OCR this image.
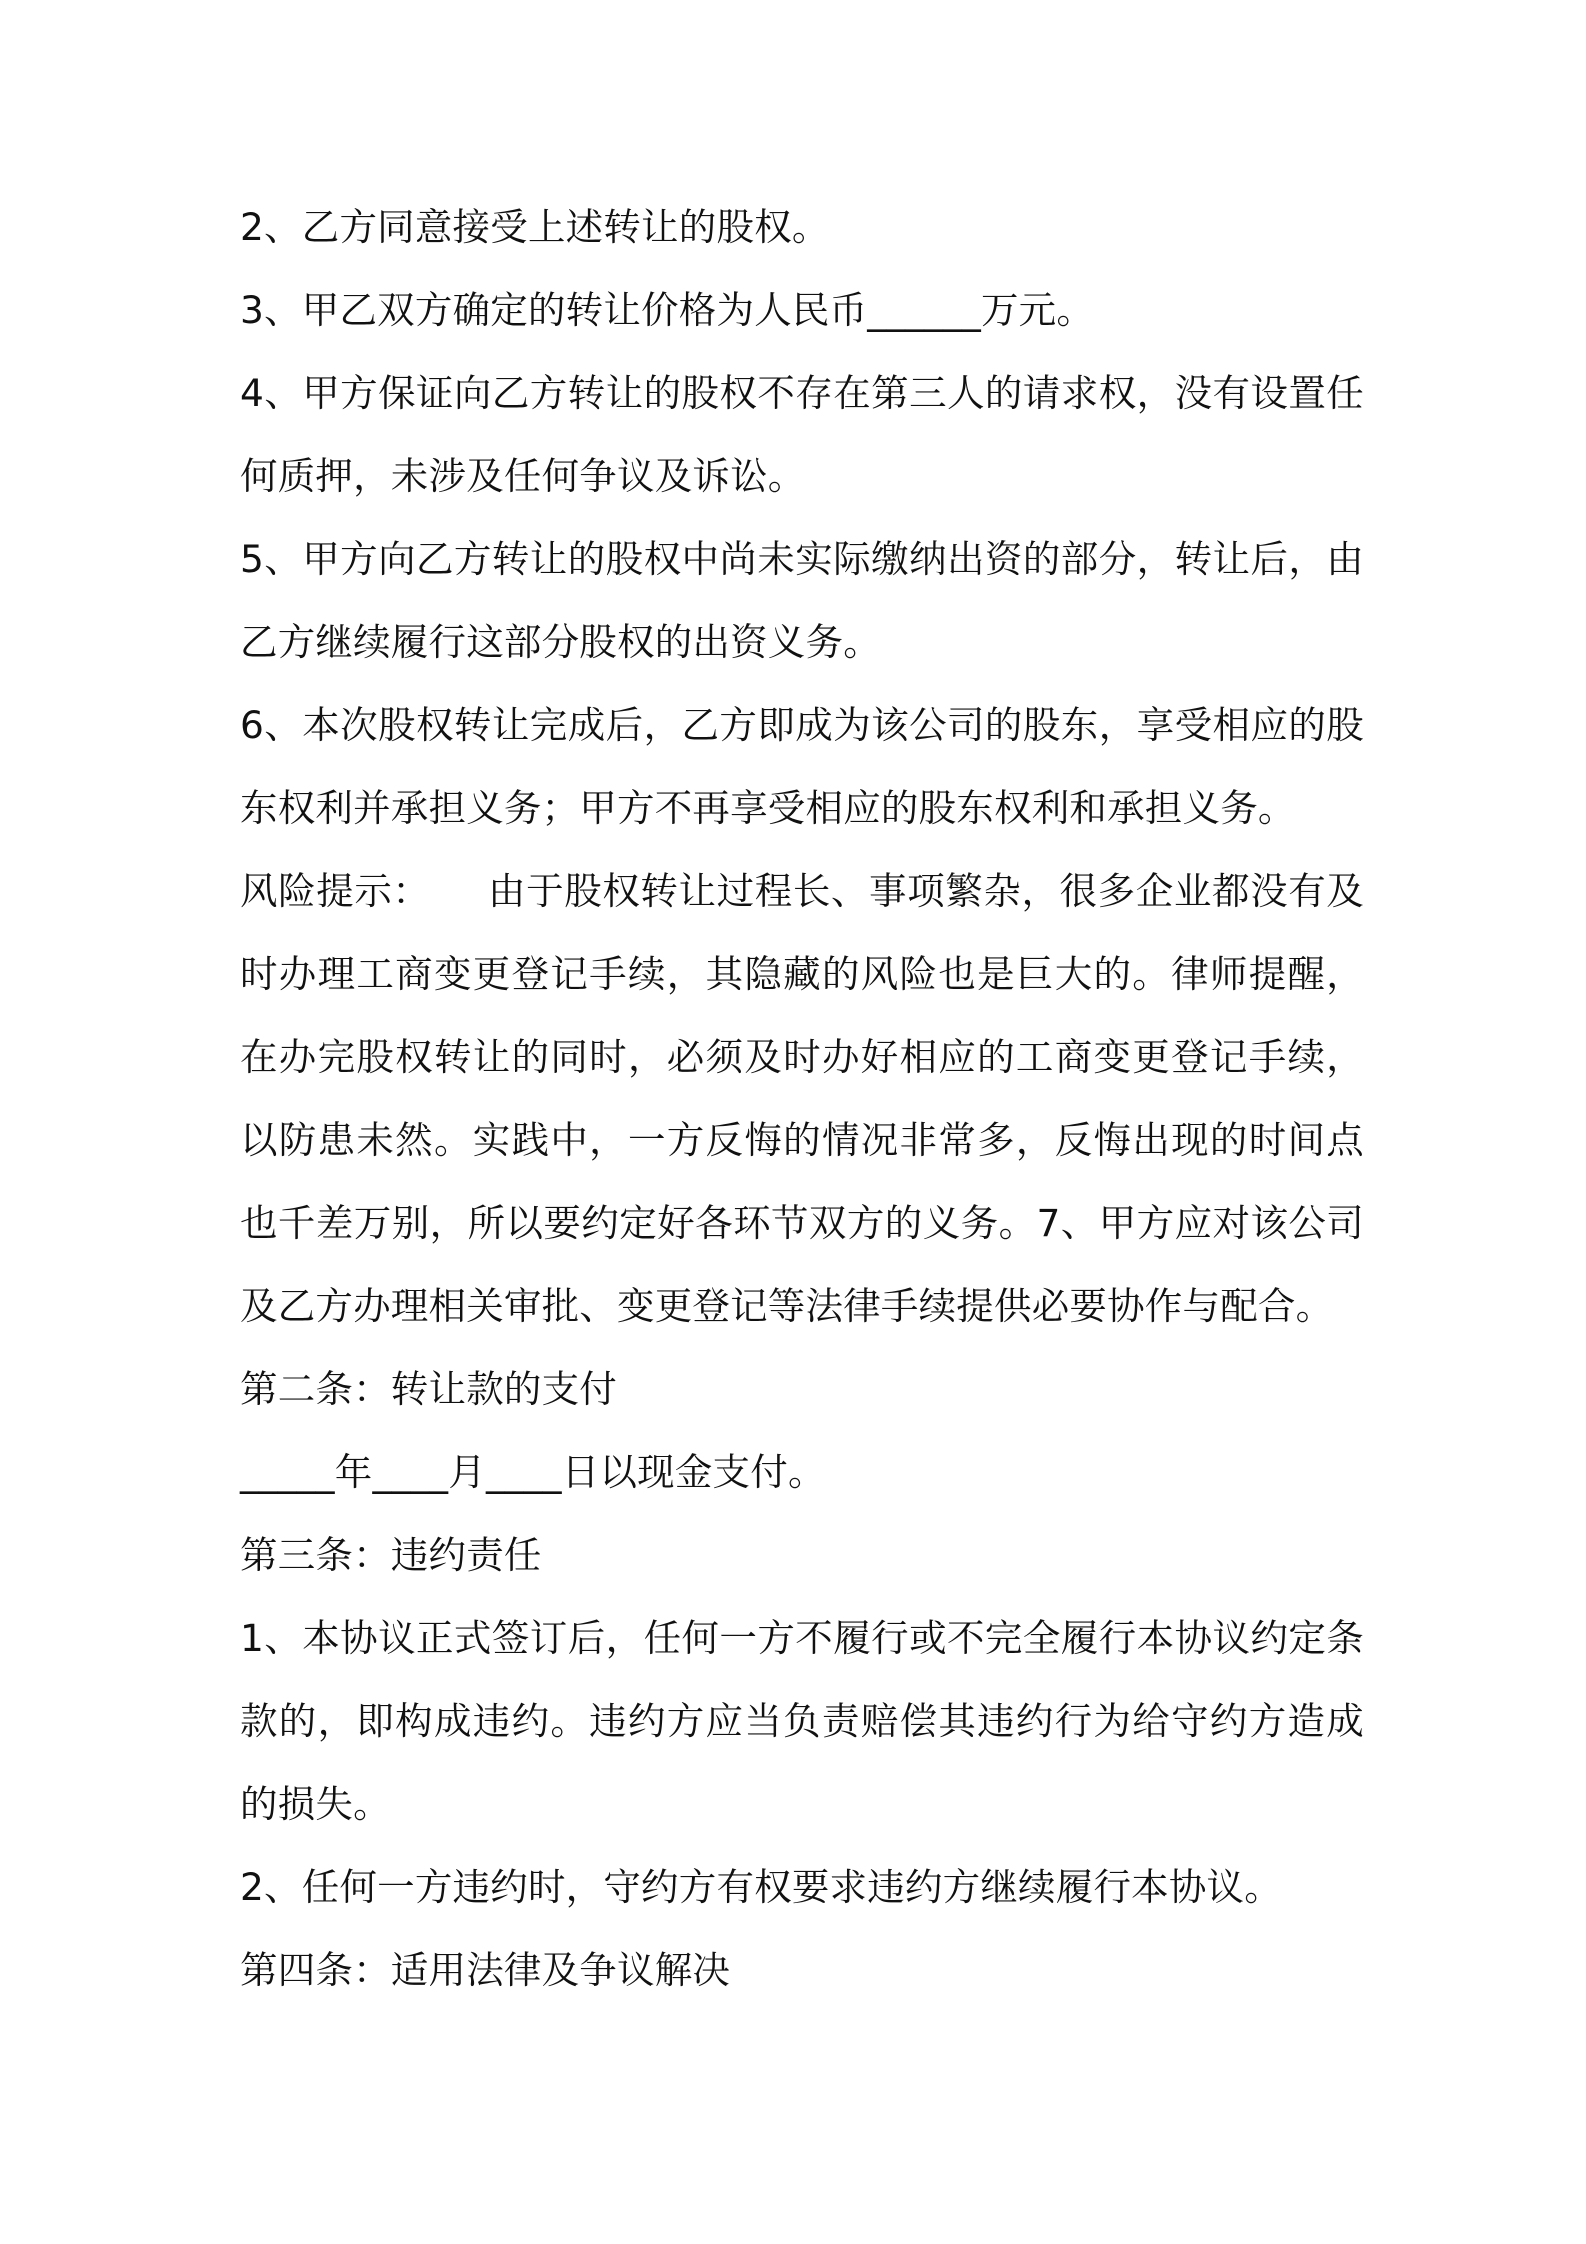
2、乙方同意接受上述转让的股权。

3、甲乙双方确定的转让价格为人民币______万元。

4、甲方保证向乙方转让的股权不存在第三人的请求权，没有设置任何质押，未涉及任何争议及诉讼。

5、甲方向乙方转让的股权中尚未实际缴纳出资的部分，转让后，由乙方继续履行这部分股权的出资义务。

6、本次股权转让完成后，乙方即成为该公司的股东，享受相应的股东权利并承担义务；甲方不再享受相应的股东权利和承担义务。

风险提示：　　由于股权转让过程长、事项繁杂，很多企业都没有及时办理工商变更登记手续，其隐藏的风险也是巨大的。律师提醒，在办完股权转让的同时，必须及时办好相应的工商变更登记手续，以防患未然。实践中，一方反悔的情况非常多，反悔出现的时间点也千差万别，所以要约定好各环节双方的义务。7、甲方应对该公司及乙方办理相关审批、变更登记等法律手续提供必要协作与配合。

第二条：转让款的支付

_____年____月____日以现金支付。

第三条：违约责任

1、本协议正式签订后，任何一方不履行或不完全履行本协议约定条款的，即构成违约。违约方应当负责赔偿其违约行为给守约方造成的损失。

2、任何一方违约时，守约方有权要求违约方继续履行本协议。

第四条：适用法律及争议解决
